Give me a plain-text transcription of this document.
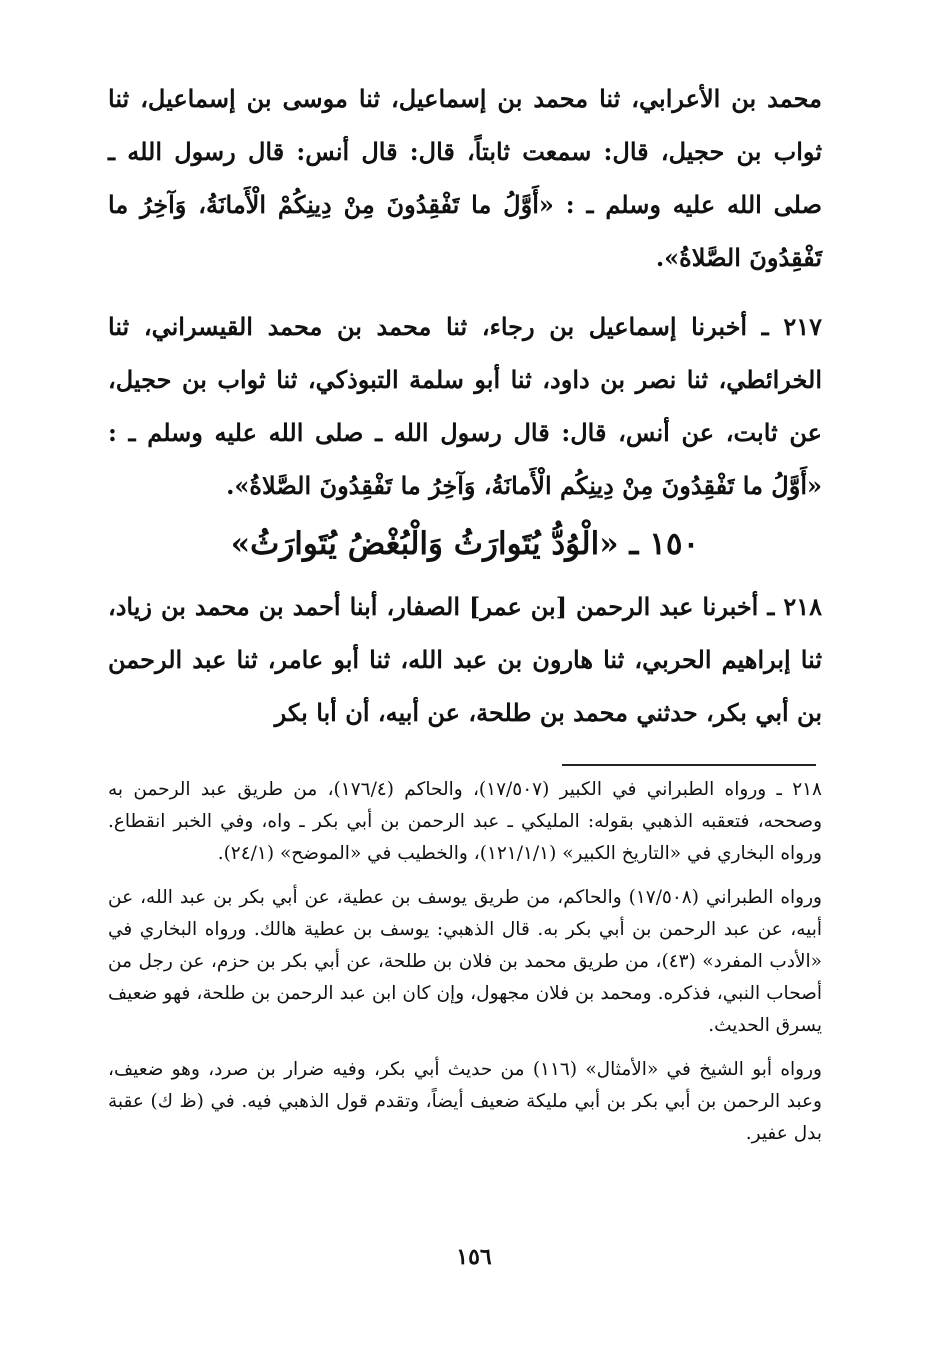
محمد بن الأعرابي، ثنا محمد بن إسماعيل، ثنا موسى بن إسماعيل، ثنا ثواب بن حجيل، قال: سمعت ثابتاً، قال: قال أنس: قال رسول الله ـ صلى الله عليه وسلم ـ : «أَوَّلُ ما تَفْقِدُونَ مِنْ دِينِكُمْ الْأَمانَةُ، وَآخِرُ ما تَفْقِدُونَ الصَّلاةُ».

٢١٧ ـ أخبرنا إسماعيل بن رجاء، ثنا محمد بن محمد القيسراني، ثنا الخرائطي، ثنا نصر بن داود، ثنا أبو سلمة التبوذكي، ثنا ثواب بن حجيل، عن ثابت، عن أنس، قال: قال رسول الله ـ صلى الله عليه وسلم ـ : «أَوَّلُ ما تَفْقِدُونَ مِنْ دِينِكُم الْأَمانَةُ، وَآخِرُ ما تَفْقِدُونَ الصَّلاةُ».

١٥٠ ـ «الْوُدُّ يُتَوارَثُ وَالْبُغْضُ يُتَوارَثُ»

٢١٨ ـ أخبرنا عبد الرحمن [بن عمر] الصفار، أبنا أحمد بن محمد بن زياد، ثنا إبراهيم الحربي، ثنا هارون بن عبد الله، ثنا أبو عامر، ثنا عبد الرحمن بن أبي بكر، حدثني محمد بن طلحة، عن أبيه، أن أبا بكر

٢١٨ ـ ورواه الطبراني في الكبير (١٧/٥٠٧)، والحاكم (١٧٦/٤)، من طريق عبد الرحمن به وصححه، فتعقبه الذهبي بقوله: المليكي ـ عبد الرحمن بن أبي بكر ـ واه، وفي الخبر انقطاع. ورواه البخاري في «التاريخ الكبير» (١٢١/١/١)، والخطيب في «الموضح» (٢٤/١).

ورواه الطبراني (١٧/٥٠٨) والحاكم، من طريق يوسف بن عطية، عن أبي بكر بن عبد الله، عن أبيه، عن عبد الرحمن بن أبي بكر به. قال الذهبي: يوسف بن عطية هالك. ورواه البخاري في «الأدب المفرد» (٤٣)، من طريق محمد بن فلان بن طلحة، عن أبي بكر بن حزم، عن رجل من أصحاب النبي، فذكره. ومحمد بن فلان مجهول، وإن كان ابن عبد الرحمن بن طلحة، فهو ضعيف يسرق الحديث.

ورواه أبو الشيخ في «الأمثال» (١١٦) من حديث أبي بكر، وفيه ضرار بن صرد، وهو ضعيف، وعبد الرحمن بن أبي بكر بن أبي مليكة ضعيف أيضاً، وتقدم قول الذهبي فيه. في (ظ ك) عقبة بدل عفير.

١٥٦
